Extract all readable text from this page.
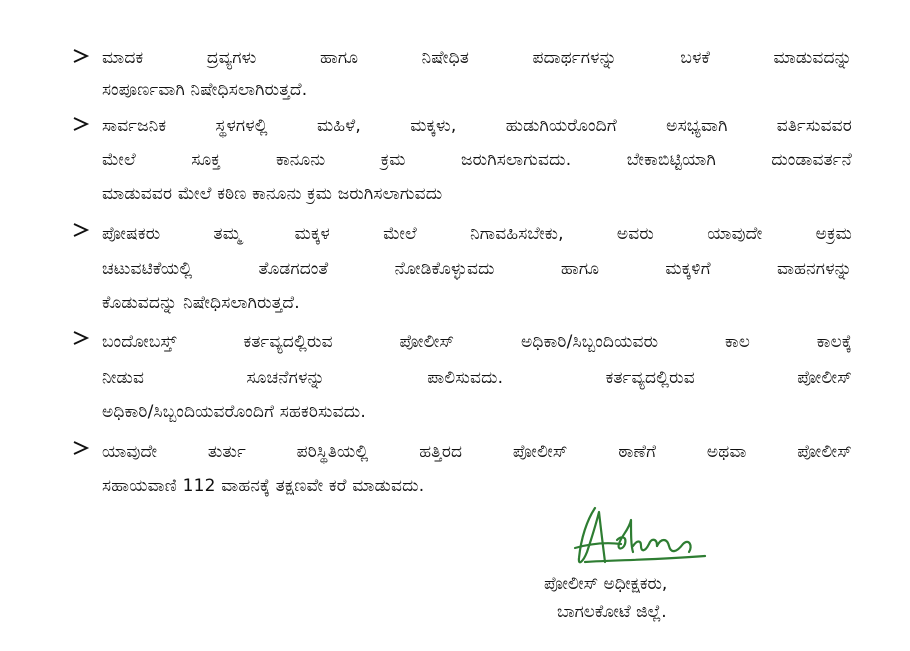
ಮಾದಕ ದ್ರವ್ಯಗಳು ಹಾಗೂ ನಿಷೇಧಿತ ಪದಾರ್ಥಗಳನ್ನು ಬಳಕೆ ಮಾಡುವದನ್ನು
ಸಂಪೂರ್ಣವಾಗಿ ನಿಷೇಧಿಸಲಾಗಿರುತ್ತದೆ.
ಸಾರ್ವಜನಿಕ ಸ್ಥಳಗಳಲ್ಲಿ ಮಹಿಳೆ, ಮಕ್ಕಳು, ಹುಡುಗಿಯರೊಂದಿಗೆ ಅಸಭ್ಯವಾಗಿ ವರ್ತಿಸುವವರ
ಮೇಲೆ ಸೂಕ್ತ ಕಾನೂನು ಕ್ರಮ ಜರುಗಿಸಲಾಗುವದು. ಬೇಕಾಬಿಟ್ಟಿಯಾಗಿ ದುಂಡಾವರ್ತನೆ
ಮಾಡುವವರ ಮೇಲೆ ಕಠಿಣ ಕಾನೂನು ಕ್ರಮ ಜರುಗಿಸಲಾಗುವದು
ಪೋಷಕರು ತಮ್ಮ ಮಕ್ಕಳ ಮೇಲೆ ನಿಗಾವಹಿಸಬೇಕು, ಅವರು ಯಾವುದೇ ಅಕ್ರಮ
ಚಟುವಟಿಕೆಯಲ್ಲಿ ತೊಡಗದಂತೆ ನೋಡಿಕೊಳ್ಳುವದು ಹಾಗೂ ಮಕ್ಕಳಿಗೆ ವಾಹನಗಳನ್ನು
ಕೊಡುವದನ್ನು ನಿಷೇಧಿಸಲಾಗಿರುತ್ತದೆ.
ಬಂದೋಬಸ್ತ್ ಕರ್ತವ್ಯದಲ್ಲಿರುವ ಪೋಲೀಸ್ ಅಧಿಕಾರಿ/ಸಿಬ್ಬಂದಿಯವರು ಕಾಲ ಕಾಲಕ್ಕೆ
ನೀಡುವ ಸೂಚನೆಗಳನ್ನು ಪಾಲಿಸುವದು. ಕರ್ತವ್ಯದಲ್ಲಿರುವ ಪೋಲೀಸ್
ಅಧಿಕಾರಿ/ಸಿಬ್ಬಂದಿಯವರೊಂದಿಗೆ ಸಹಕರಿಸುವದು.
ಯಾವುದೇ ತುರ್ತು ಪರಿಸ್ಥಿತಿಯಲ್ಲಿ ಹತ್ತಿರದ ಪೋಲೀಸ್ ಠಾಣೆಗೆ ಅಥವಾ ಪೋಲೀಸ್
ಸಹಾಯವಾಣಿ 112 ವಾಹನಕ್ಕೆ ತಕ್ಷಣವೇ ಕರೆ ಮಾಡುವದು.
ಪೋಲೀಸ್ ಅಧೀಕ್ಷಕರು,
ಬಾಗಲಕೋಟೆ ಜಿಲ್ಲೆ.
